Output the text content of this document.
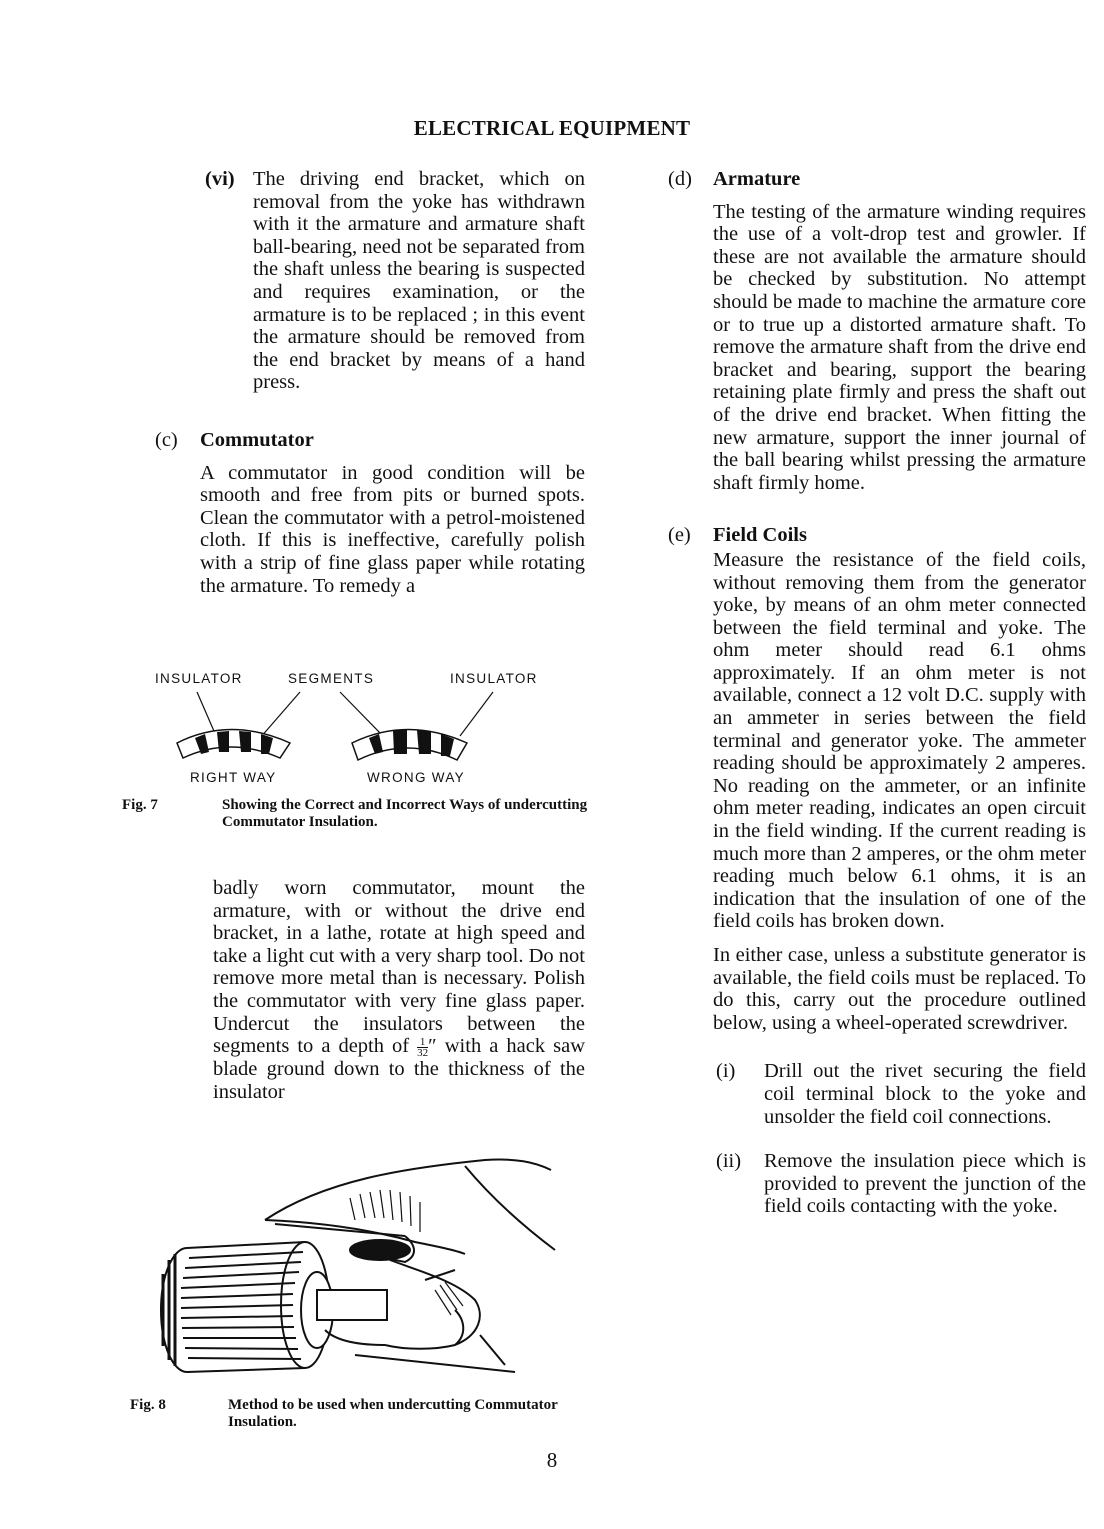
ELECTRICAL EQUIPMENT
(vi) The driving end bracket, which on removal from the yoke has withdrawn with it the armature and armature shaft ball-bearing, need not be separated from the shaft unless the bearing is suspected and requires examination, or the armature is to be replaced ; in this event the armature should be removed from the end bracket by means of a hand press.

(c) Commutator

A commutator in good condition will be smooth and free from pits or burned spots. Clean the commutator with a petrol-moistened cloth. If this is ineffective, carefully polish with a strip of fine glass paper while rotating the armature. To remedy a

INSULATOR	SEGMENTS	INSULATOR
RIGHT WAY	WRONG WAY
Fig. 7	Showing the Correct and Incorrect Ways of undercutting Commutator Insulation.

badly worn commutator, mount the armature, with or without the drive end bracket, in a lathe, rotate at high speed and take a light cut with a very sharp tool. Do not remove more metal than is necessary. Polish the commutator with very fine glass paper. Undercut the insulators between the segments to a depth of $\frac{1}{32}$ ″ with a hack saw blade ground down to the thickness of the insulator

Fig. 8	Method to be used when undercutting Commutator Insulation.
(d) Armature

The testing of the armature winding requires the use of a volt-drop test and growler. If these are not available the armature should be checked by substitution. No attempt should be made to machine the armature core or to true up a distorted armature shaft. To remove the armature shaft from the drive end bracket and bearing, support the bearing retaining plate firmly and press the shaft out of the drive end bracket. When fitting the new armature, support the inner journal of the ball bearing whilst pressing the armature shaft firmly home.

(e) Field Coils

Measure the resistance of the field coils, without removing them from the generator yoke, by means of an ohm meter connected between the field terminal and yoke. The ohm meter should read 6.1 ohms approximately. If an ohm meter is not available, connect a 12 volt D.C. supply with an ammeter in series between the field terminal and generator yoke. The ammeter reading should be approximately 2 amperes. No reading on the ammeter, or an infinite ohm meter reading, indicates an open circuit in the field winding. If the current reading is much more than 2 amperes, or the ohm meter reading much below 6.1 ohms, it is an indication that the insulation of one of the field coils has broken down.

In either case, unless a substitute generator is available, the field coils must be replaced. To do this, carry out the procedure outlined below, using a wheel-operated screwdriver.

(i) Drill out the rivet securing the field coil terminal block to the yoke and unsolder the field coil connections.

(ii) Remove the insulation piece which is provided to prevent the junction of the field coils contacting with the yoke.

8
